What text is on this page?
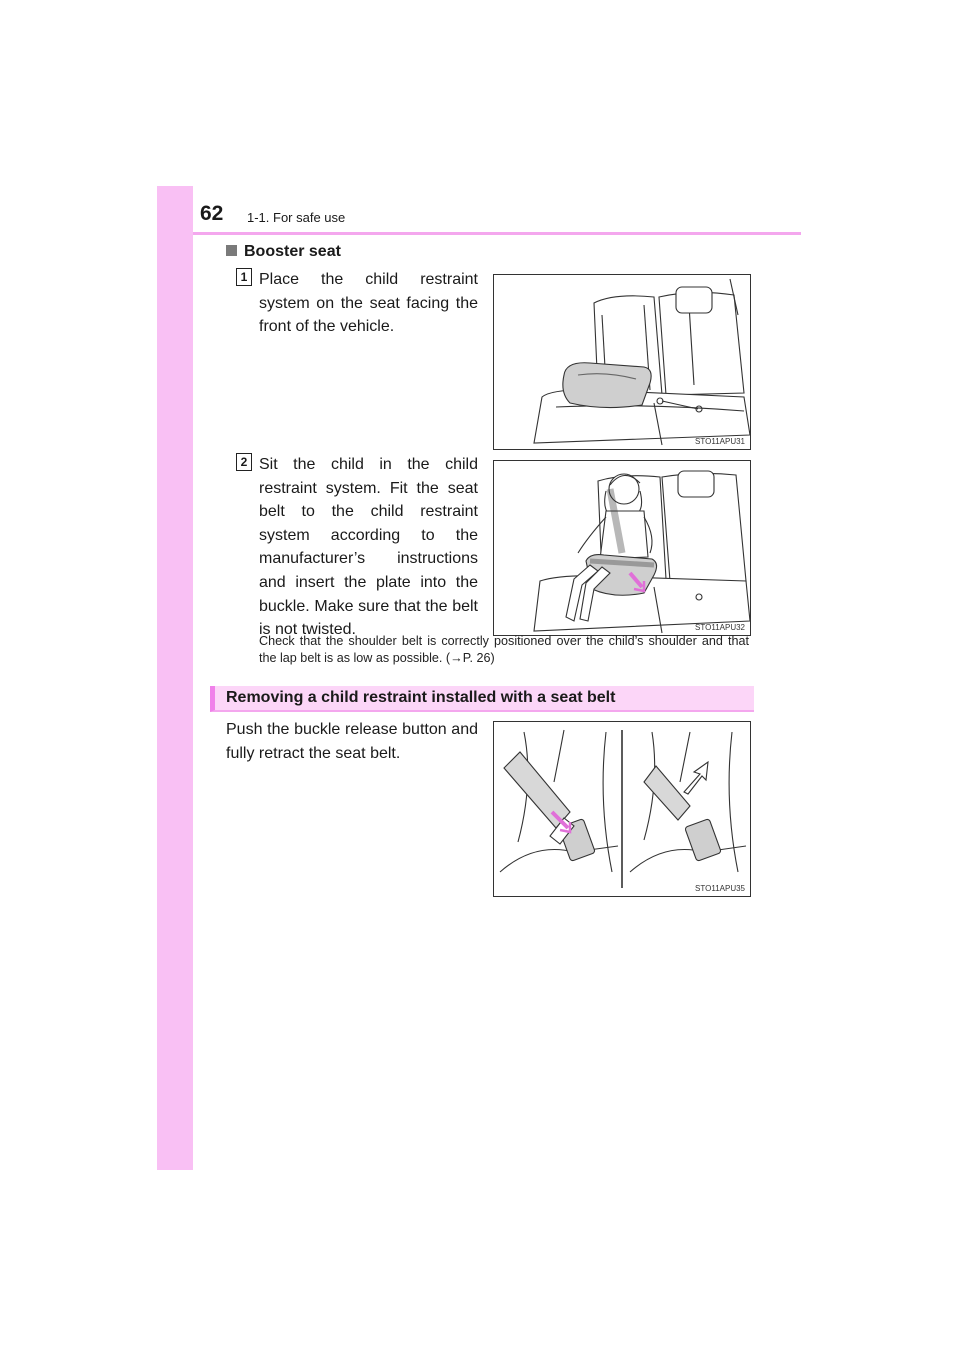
62 1-1. For safe use
Booster seat
1 Place the child restraint system on the seat facing the front of the vehicle.

STO11APU31
2 Sit the child in the child restraint system. Fit the seat belt to the child restraint system according to the manufacturer’s instructions and insert the plate into the buckle. Make sure that the belt is not twisted.	STO11APU32

Check that the shoulder belt is correctly positioned over the child’s shoulder and that the lap belt is as low as possible. (→P. 26)

Removing a child restraint installed with a seat belt

Push the buckle release button and fully retract the seat belt.

STO11APU35
